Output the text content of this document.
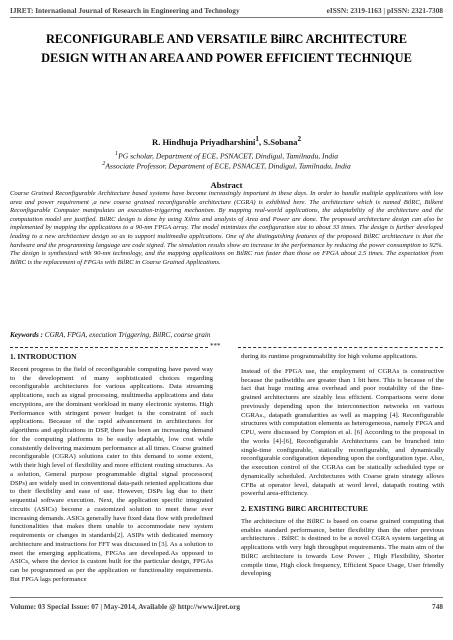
IJRET: International Journal of Research in Engineering and Technology	eISSN: 2319-1163 | pISSN: 2321-7308
RECONFIGURABLE AND VERSATILE BilRC ARCHITECTURE
DESIGN WITH AN AREA AND POWER EFFICIENT TECHNIQUE
R. Hindhuja Priyadharshini$^1$, S.Sobana$^2$
$^1$PG scholar, Department of ECE, PSNACET, Dindigul, Tamilnadu, India
$^2$Associate Professor, Department of ECE, PSNACET, Dindigul, Tamilnadu, India
Abstract
Coarse Grained Reconfigurable Architecture based systems have become increasingly important in these days. In order to handle multiple applications with low area and power requirement ,a new coarse grained reconfigurable architecture (CGRA) is exhibited here. The architecture which is named BilRC, Bilkent Reconfigurable Computer manipulates an execution-triggering mechanism. By mapping real-world applications, the adaptability of the architecture and the computation model are justified. BilRC design is done by using Xilinx and analysis of Area and Power are done. The proposed architecture design can also be implemented by mapping the applications to a 90-nm FPGA array. The model minimizes the configuration size to about 33 times. The design is further developed leading to a new architecture design so as to support multimedia applications. One of the distinguishing features of the proposed BilRC architecture is that the hardware and the programming language are code signed. The simulation results show an increase in the performance by reducing the power consumption to 92%. The design is synthesized with 90-nm technology, and the mapping applications on BilRC run faster than those on FPGA about 2.5 times. The expectation from BilRC is the replacement of FPGAs with BilRC in Coarse Grained Applications.
Keywords : CGRA, FPGA, execution Triggering, BilRC, coarse grain
***
1. INTRODUCTION

Recent progress in the field of reconfigurable computing have paved way to the development of many sophisticated choices regarding reconfigurable architectures for various applications. Data streaming applications, such as signal processing, multimedia applications and data encryptions, are the dominant workload in many electronic systems. High Performance with stringent power budget is the constraint of such applications. Because of the rapid advancement in architectures for algorithms and applications in DSP, there has been an increasing demand for the computing platforms to be easily adaptable, low cost while consistently delivering maximum performance at all times. Coarse grained reconfigurable (CGRA) solutions cater to this demand to some extent, with their high level of flexibility and more efficient routing structures. As a solution, General purpose programmable digital signal processors( DSPs) are widely used in conventional data-path oriented applications due to their flexibility and ease of use. However, DSPs lag due to their sequential software execution. Next, the application specific integrated circuits (ASICs) become a customized solution to meet these ever increasing demands. ASICs generally have fixed data flow with predefined functionalities that makes them unable to accommodate new system requirements or changes in standards[2]. ASIPs with dedicated memory architecture and instructions for FFT was discussed in [3]. As a solution to meet the emerging applications, FPGAs are developed.As opposed to ASICs, where the device is custom built for the particular design, FPGAs can be programmed as per the application or functionality requirements. But FPGA lags performance

during its runtime programmability for high volume applications.

Instead of the FPGA use, the employment of CGRAs is constructive because the pathwidths are greater than 1 bit here. This is because of the fact that huge routing area overhead and poor routability of the fine-grained architectures are sizably less efficient. Comparisons were done previously depending upon the interconnection networks on various CGRAs., datapath granularities as well as mapping [4]. Reconfigurable structures with computation elements as heterogeneous, namely FPGA and CPU, were discussed by Compton et al. [6] According to the proposal in the works [4]-[6], Reconfigurable Architectures can be branched into single-time configurable, statically reconfigurable, and dynamically reconfigurable configuration depending upon the configuration type. Also, the execution control of the CGRAs can be statically scheduled type or dynamically scheduled. Architectures with Coarse grain strategy allows CFBs at operator level, datapath at word level, datapath routing with powerful area-efficiency.

2. EXISTING BilRC ARCHITECTURE

The architecture of the BilRC is based on coarse grained computing that enables standard performance, better flexibility than the other previous architectures . BilRC is destined to be a novel CGRA system targeting at applications with very high throughput requirements. The main aim of the BilRC architecture is towards Low Power , High Flexibility, Shorter compile time, High clock frequency, Efficient Space Usage, User friendly developing

Volume: 03 Special Issue: 07 | May-2014, Available @ http://www.ijret.org	748
